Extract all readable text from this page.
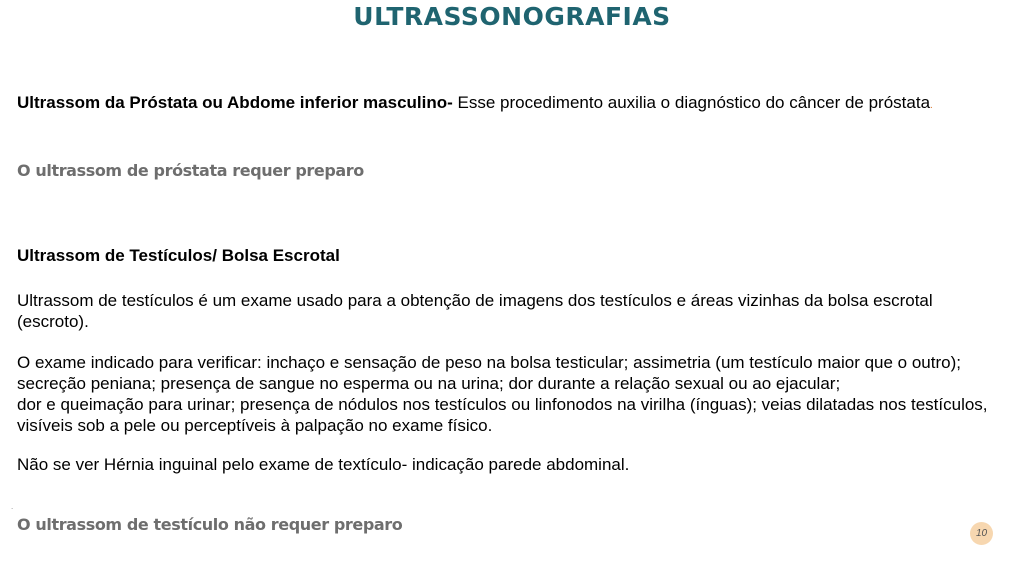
ULTRASSONOGRAFIAS
Ultrassom da Próstata ou Abdome inferior masculino- Esse procedimento auxilia o diagnóstico do câncer de próstata.
O ultrassom de próstata requer preparo
Ultrassom de Testículos/ Bolsa Escrotal
Ultrassom de testículos é um exame usado para a obtenção de imagens dos testículos e áreas vizinhas da bolsa escrotal (escroto).
O exame indicado para verificar: inchaço e sensação de peso na bolsa testicular; assimetria (um testículo maior que o outro); secreção peniana; presença de sangue no esperma ou na urina; dor durante a relação sexual ou ao ejacular;
dor e queimação para urinar; presença de nódulos nos testículos ou linfonodos na virilha (ínguas); veias dilatadas nos testículos, visíveis sob a pele ou perceptíveis à palpação no exame físico.
Não se ver Hérnia inguinal pelo exame de textículo- indicação parede abdominal.
.
O ultrassom de testículo não requer preparo	10
